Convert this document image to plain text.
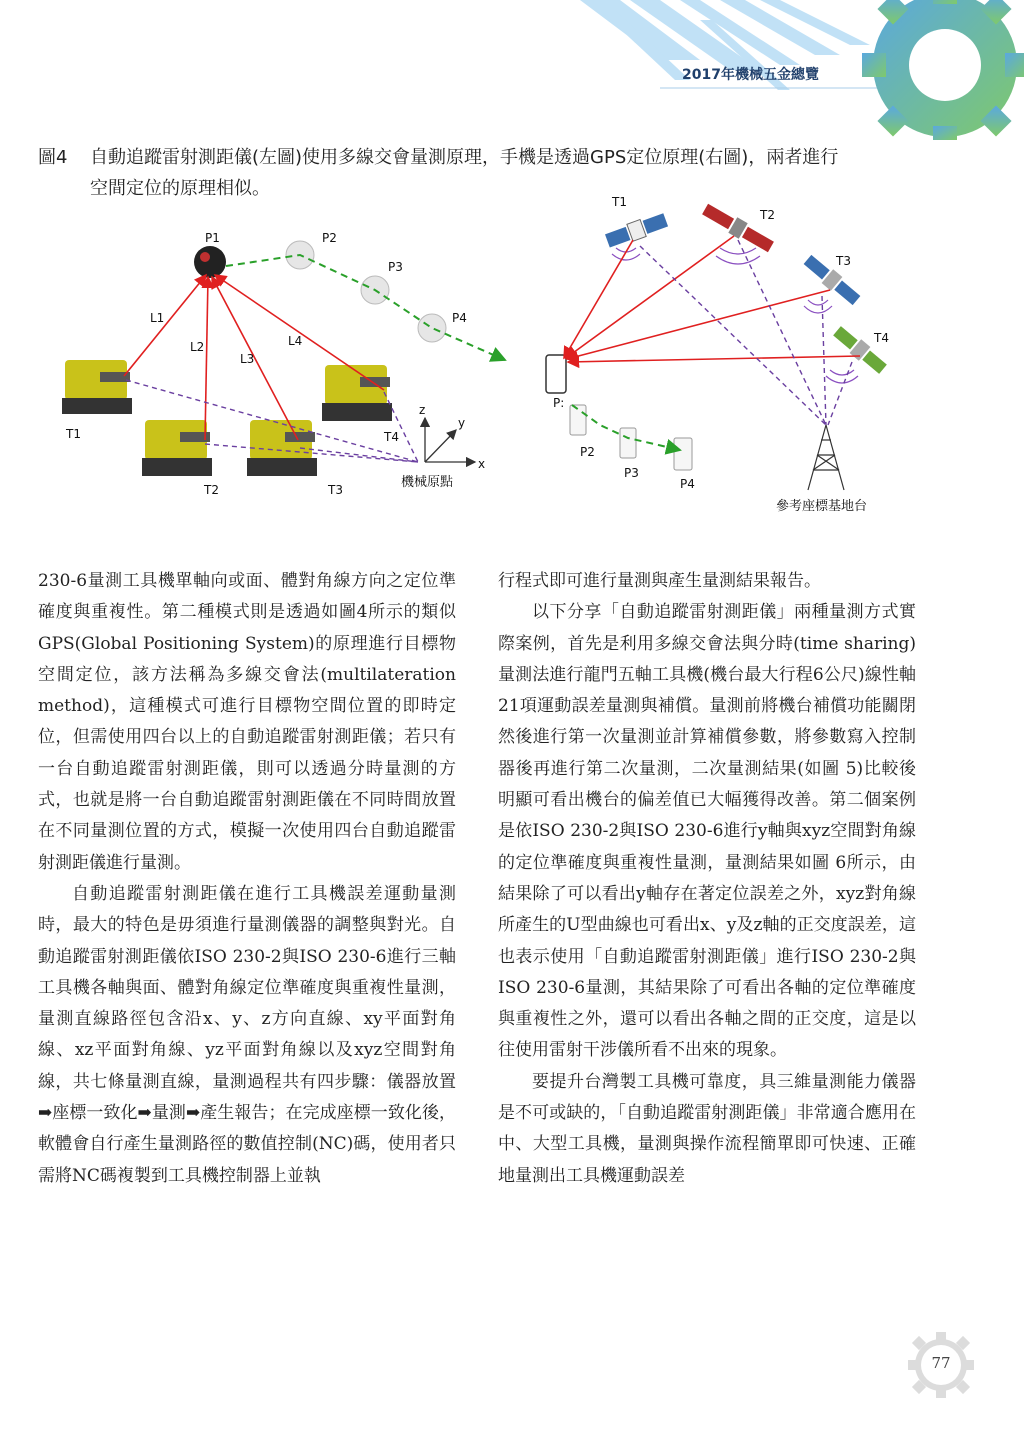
2017年機械五金總覽
圖4 自動追蹤雷射測距儀(左圖)使用多線交會量測原理，手機是透過GPS定位原理(右圖)，兩者進行
空間定位的原理相似。
P1	P2
P3
P4
L1
L2
L3
L4
T1
T2	T3
T4
z
y
x
機械原點
T1
T2
T3
T4
P:
P2
P3
P4
參考座標基地台

230-6量測工具機單軸向或面、體對角線方向之定位準確度與重複性。第二種模式則是透過如圖4所示的類似GPS(Global Positioning System)的原理進行目標物空間定位，該方法稱為多線交會法(multilateration method)，這種模式可進行目標物空間位置的即時定位，但需使用四台以上的自動追蹤雷射測距儀；若只有一台自動追蹤雷射測距儀，則可以透過分時量測的方式，也就是將一台自動追蹤雷射測距儀在不同時間放置在不同量測位置的方式，模擬一次使用四台自動追蹤雷射測距儀進行量測。

自動追蹤雷射測距儀在進行工具機誤差運動量測時，最大的特色是毋須進行量測儀器的調整與對光。自動追蹤雷射測距儀依ISO 230-2與ISO 230-6進行三軸工具機各軸與面、體對角線定位準確度與重複性量測，量測直線路徑包含沿x、y、z方向直線、xy平面對角線、xz平面對角線、yz平面對角線以及xyz空間對角線，共七條量測直線，量測過程共有四步驟：儀器放置➡座標一致化➡量測➡產生報告；在完成座標一致化後，軟體會自行產生量測路徑的數值控制(NC)碼，使用者只需將NC碼複製到工具機控制器上並執

行程式即可進行量測與產生量測結果報告。

以下分享「自動追蹤雷射測距儀」兩種量測方式實際案例，首先是利用多線交會法與分時(time sharing)量測法進行龍門五軸工具機(機台最大行程6公尺)線性軸21項運動誤差量測與補償。量測前將機台補償功能關閉然後進行第一次量測並計算補償參數，將參數寫入控制器後再進行第二次量測，二次量測結果(如圖 5)比較後明顯可看出機台的偏差值已大幅獲得改善。第二個案例是依ISO 230-2與ISO 230-6進行y軸與xyz空間對角線的定位準確度與重複性量測，量測結果如圖 6所示，由結果除了可以看出y軸存在著定位誤差之外，xyz對角線所產生的U型曲線也可看出x、y及z軸的正交度誤差，這也表示使用「自動追蹤雷射測距儀」進行ISO 230-2與ISO 230-6量測，其結果除了可看出各軸的定位準確度與重複性之外，還可以看出各軸之間的正交度，這是以往使用雷射干涉儀所看不出來的現象。

要提升台灣製工具機可靠度，具三維量測能力儀器是不可或缺的，「自動追蹤雷射測距儀」非常適合應用在中、大型工具機，量測與操作流程簡單即可快速、正確地量測出工具機運動誤差

77
